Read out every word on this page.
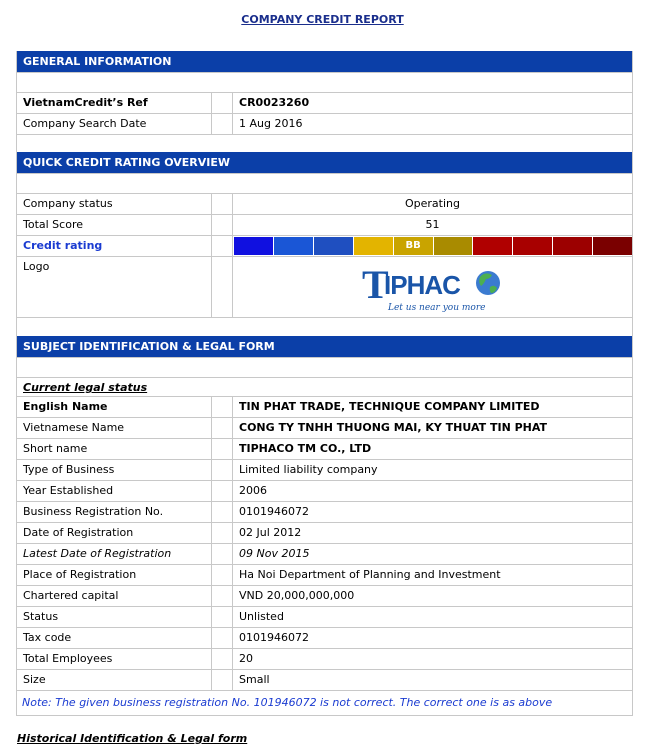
COMPANY CREDIT REPORT
GENERAL INFORMATION
VietnamCredit’s Ref	CR0023260
Company Search Date	1 Aug 2016
QUICK CREDIT RATING OVERVIEW
Company status	Operating
Total Score	51
Credit rating	BB
Logo	T
IPHAC
Let us near you more
SUBJECT IDENTIFICATION & LEGAL FORM
Current legal status
English Name	TIN PHAT TRADE, TECHNIQUE COMPANY LIMITED
Vietnamese Name	CONG TY TNHH THUONG MAI, KY THUAT TIN PHAT
Short name	TIPHACO TM CO., LTD
Type of Business	Limited liability company
Year Established	2006
Business Registration No.	0101946072
Date of Registration	02 Jul 2012
Latest Date of Registration	09 Nov 2015
Place of Registration	Ha Noi Department of Planning and Investment
Chartered capital	VND 20,000,000,000
Status	Unlisted
Tax code	0101946072
Total Employees	20
Size	Small
Note: The given business registration No. 101946072 is not correct. The correct one is as above
Historical Identification & Legal form
